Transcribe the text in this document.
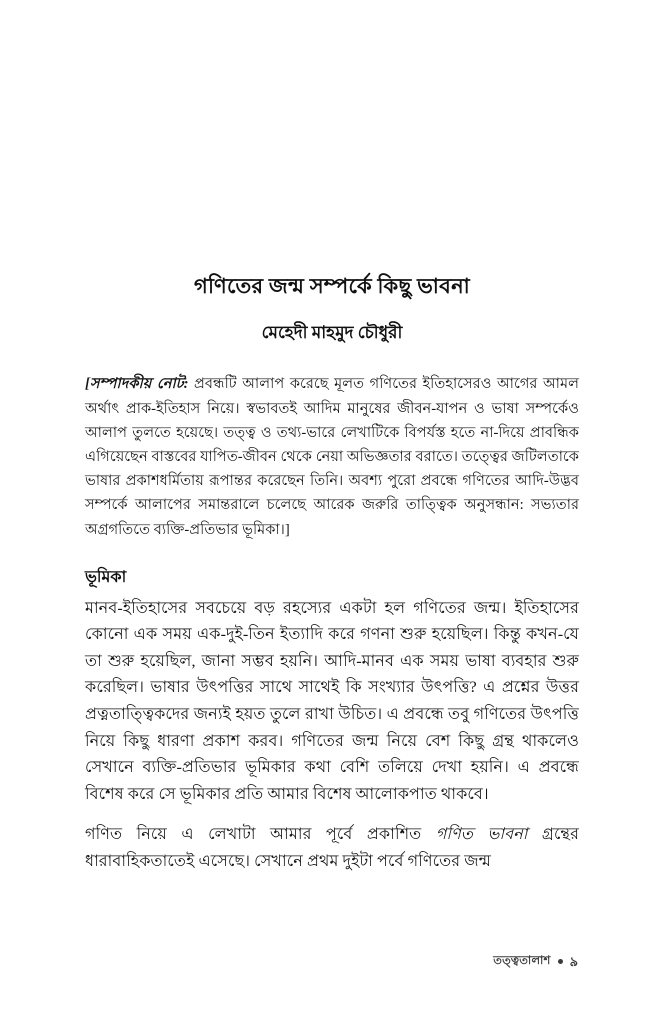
গণিতের জন্ম সম্পর্কে কিছু ভাবনা

মেহেদী মাহমুদ চৌধুরী

[সম্পাদকীয় নোট: প্রবন্ধটি আলাপ করেছে মূলত গণিতের ইতিহাসেরও আগের আমল অর্থাৎ প্রাক-ইতিহাস নিয়ে। স্বভাবতই আদিম মানুষের জীবন-যাপন ও ভাষা সম্পর্কেও আলাপ তুলতে হয়েছে। তত্ত্ব ও তথ্য-ভারে লেখাটিকে বিপর্যস্ত হতে না-দিয়ে প্রাবন্ধিক এগিয়েছেন বাস্তবের যাপিত-জীবন থেকে নেয়া অভিজ্ঞতার বরাতে। তত্ত্বের জটিলতাকে ভাষার প্রকাশধর্মিতায় রূপান্তর করেছেন তিনি। অবশ্য পুরো প্রবন্ধে গণিতের আদি-উদ্ভব সম্পর্কে আলাপের সমান্তরালে চলেছে আরেক জরুরি তাত্ত্বিক অনুসন্ধান: সভ্যতার অগ্রগতিতে ব্যক্তি-প্রতিভার ভূমিকা।]

ভূমিকা

মানব-ইতিহাসের সবচেয়ে বড় রহস্যের একটা হল গণিতের জন্ম। ইতিহাসের কোনো এক সময় এক-দুই-তিন ইত্যাদি করে গণনা শুরু হয়েছিল। কিন্তু কখন-যে তা শুরু হয়েছিল, জানা সম্ভব হয়নি। আদি-মানব এক সময় ভাষা ব্যবহার শুরু করেছিল। ভাষার উৎপত্তির সাথে সাথেই কি সংখ্যার উৎপত্তি? এ প্রশ্নের উত্তর প্রত্নতাত্ত্বিকদের জন্যই হয়ত তুলে রাখা উচিত। এ প্রবন্ধে তবু গণিতের উৎপত্তি নিয়ে কিছু ধারণা প্রকাশ করব। গণিতের জন্ম নিয়ে বেশ কিছু গ্রন্থ থাকলেও সেখানে ব্যক্তি-প্রতিভার ভূমিকার কথা বেশি তলিয়ে দেখা হয়নি। এ প্রবন্ধে বিশেষ করে সে ভূমিকার প্রতি আমার বিশেষ আলোকপাত থাকবে।

গণিত নিয়ে এ লেখাটা আমার পূর্বে প্রকাশিত গণিত ভাবনা গ্রন্থের ধারাবাহিকতাতেই এসেছে। সেখানে প্রথম দুইটা পর্বে গণিতের জন্ম

তত্ত্বতালাশ ৯
